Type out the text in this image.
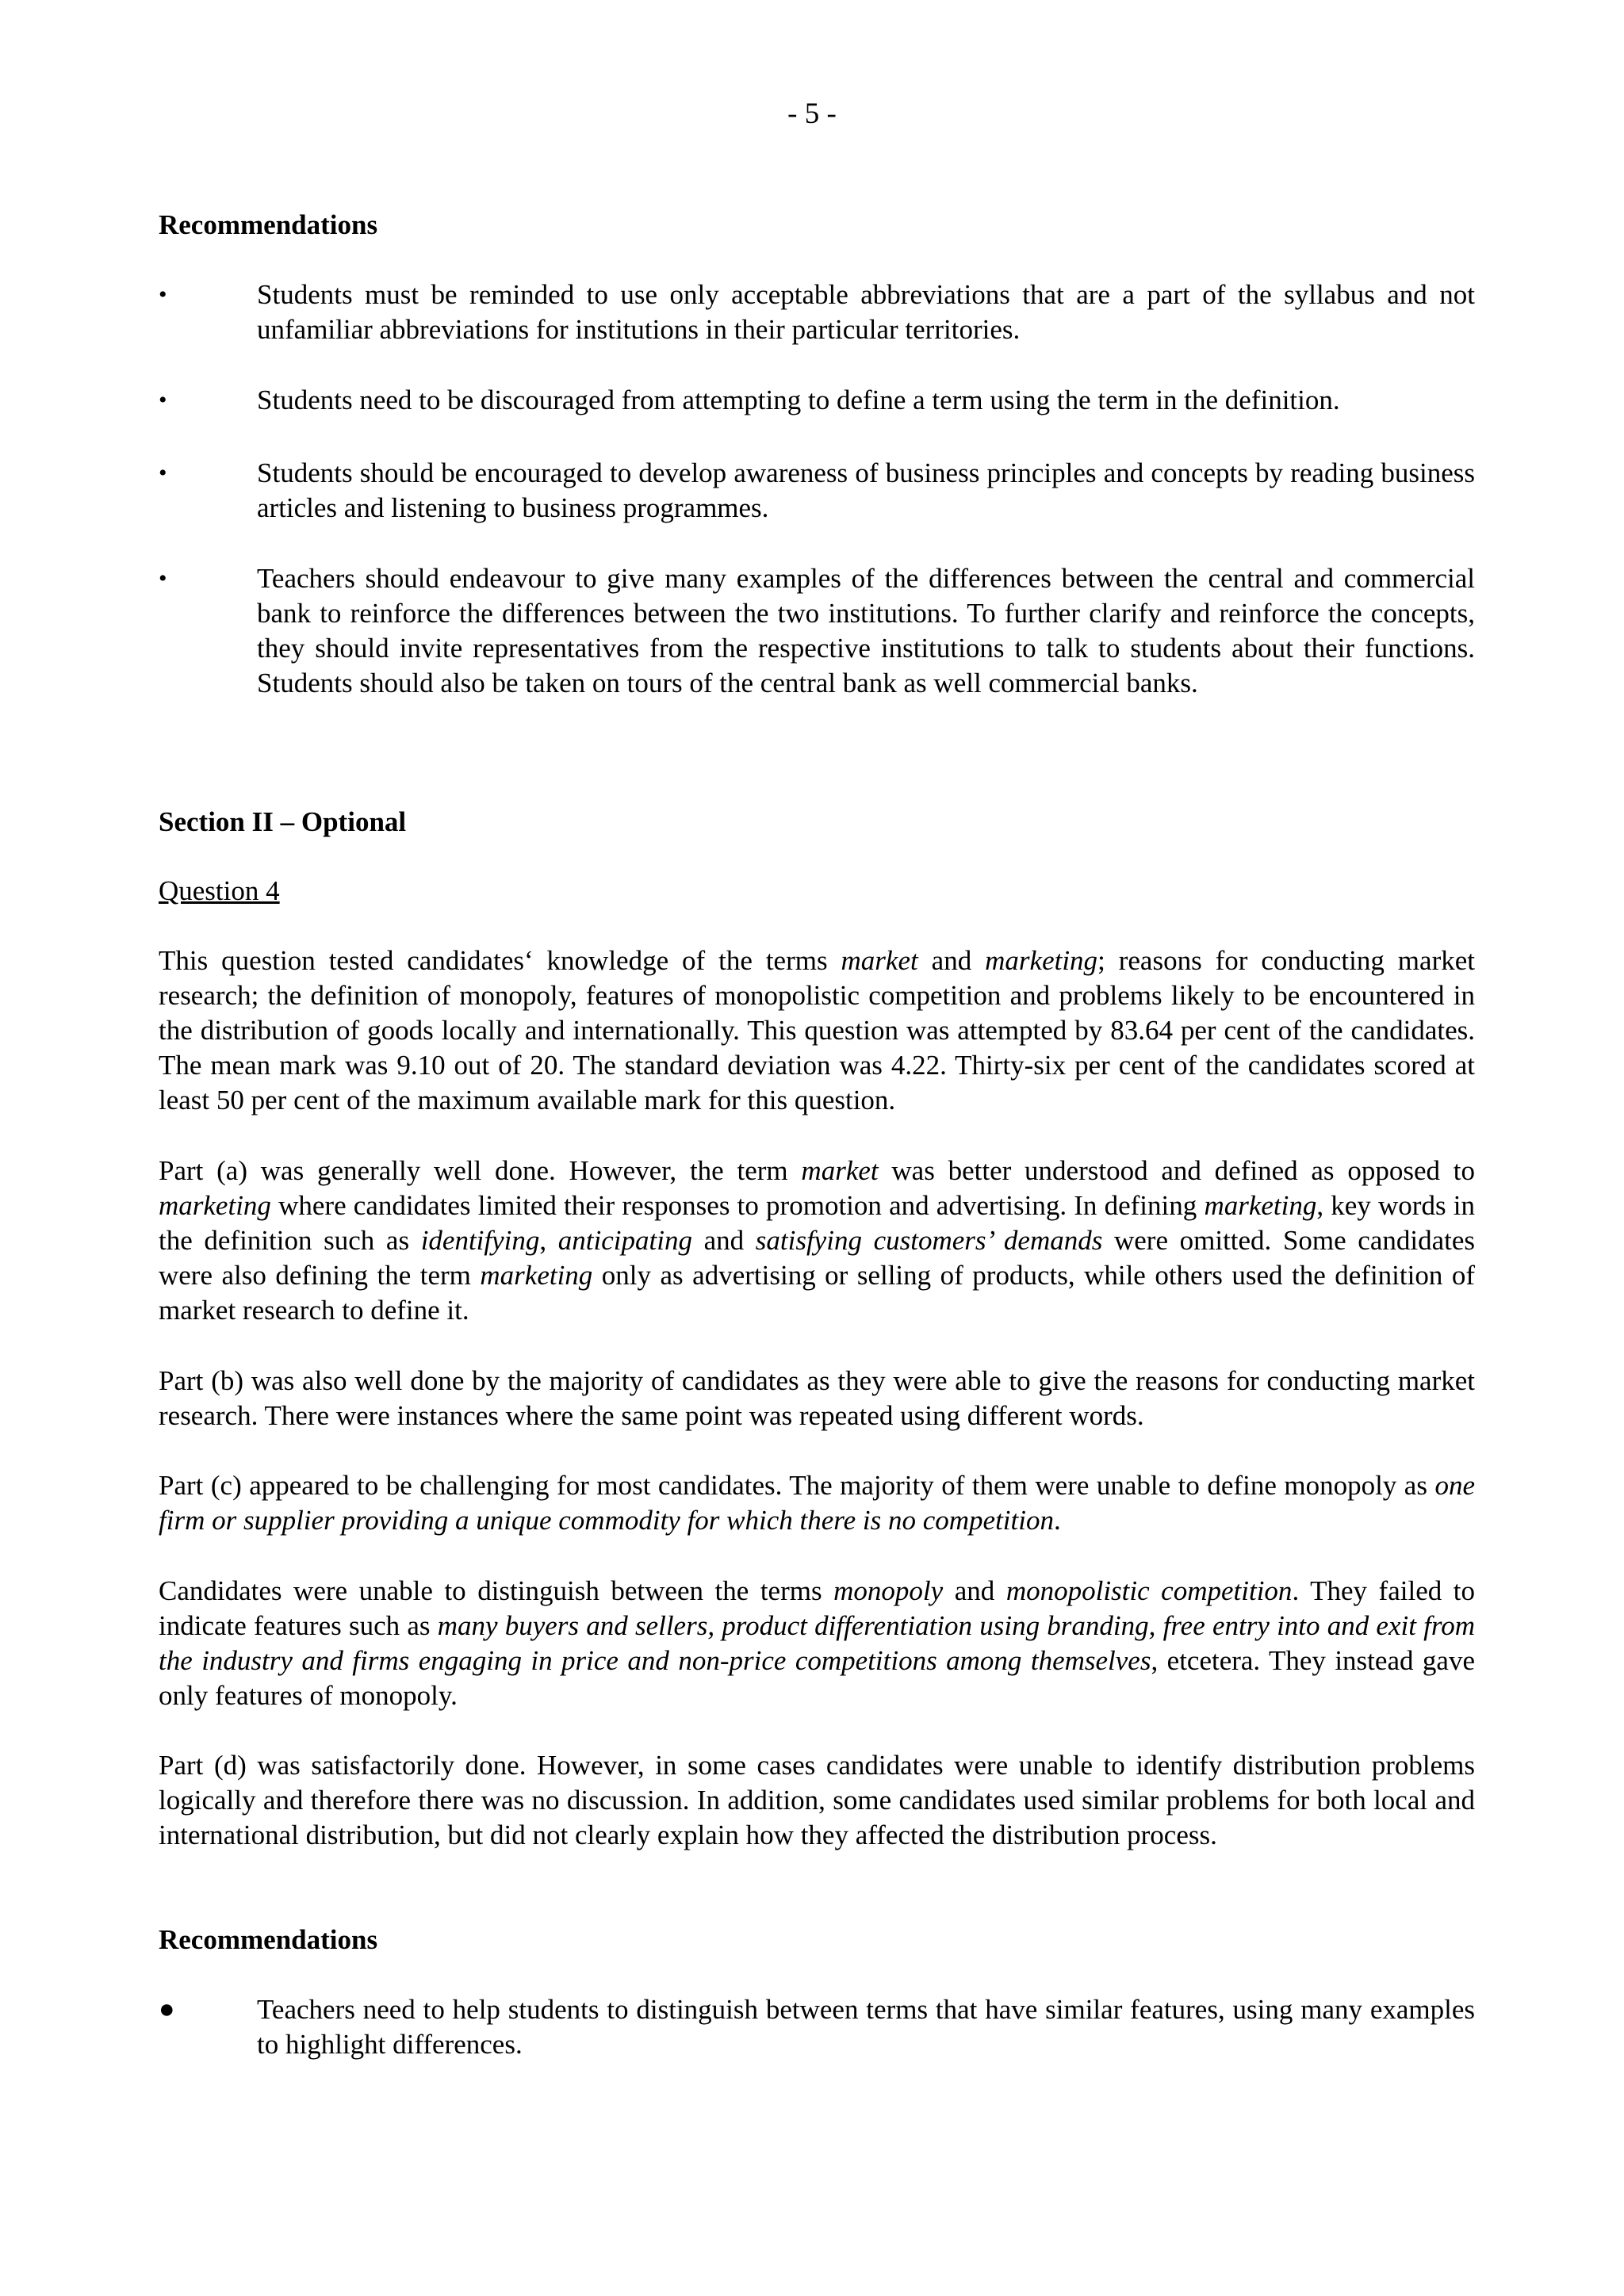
- 5 -
Recommendations
•	Students must be reminded to use only acceptable abbreviations that are a part of the syllabus and not unfamiliar abbreviations for institutions in their particular territories.
•	Students need to be discouraged from attempting to define a term using the term in the definition.
•	Students should be encouraged to develop awareness of business principles and concepts by reading business articles and listening to business programmes.
•	Teachers should endeavour to give many examples of the differences between the central and commercial bank to reinforce the differences between the two institutions. To further clarify and reinforce the concepts, they should invite representatives from the respective institutions to talk to students about their functions. Students should also be taken on tours of the central bank as well commercial banks.
Section II – Optional
Question 4
This question tested candidates‘ knowledge of the terms market and marketing; reasons for conducting market research; the definition of monopoly, features of monopolistic competition and problems likely to be encountered in the distribution of goods locally and internationally. This question was attempted by 83.64 per cent of the candidates. The mean mark was 9.10 out of 20. The standard deviation was 4.22. Thirty-six per cent of the candidates scored at least 50 per cent of the maximum available mark for this question.
Part (a) was generally well done. However, the term market was better understood and defined as opposed to marketing where candidates limited their responses to promotion and advertising. In defining marketing, key words in the definition such as identifying, anticipating and satisfying customers’ demands were omitted. Some candidates were also defining the term marketing only as advertising or selling of products, while others used the definition of market research to define it.
Part (b) was also well done by the majority of candidates as they were able to give the reasons for conducting market research. There were instances where the same point was repeated using different words.
Part (c) appeared to be challenging for most candidates. The majority of them were unable to define monopoly as one firm or supplier providing a unique commodity for which there is no competition.
Candidates were unable to distinguish between the terms monopoly and monopolistic competition. They failed to indicate features such as many buyers and sellers, product differentiation using branding, free entry into and exit from the industry and firms engaging in price and non-price competitions among themselves, etcetera. They instead gave only features of monopoly.
Part (d) was satisfactorily done. However, in some cases candidates were unable to identify distribution problems logically and therefore there was no discussion. In addition, some candidates used similar problems for both local and international distribution, but did not clearly explain how they affected the distribution process.
Recommendations
●	Teachers need to help students to distinguish between terms that have similar features, using many examples to highlight differences.
